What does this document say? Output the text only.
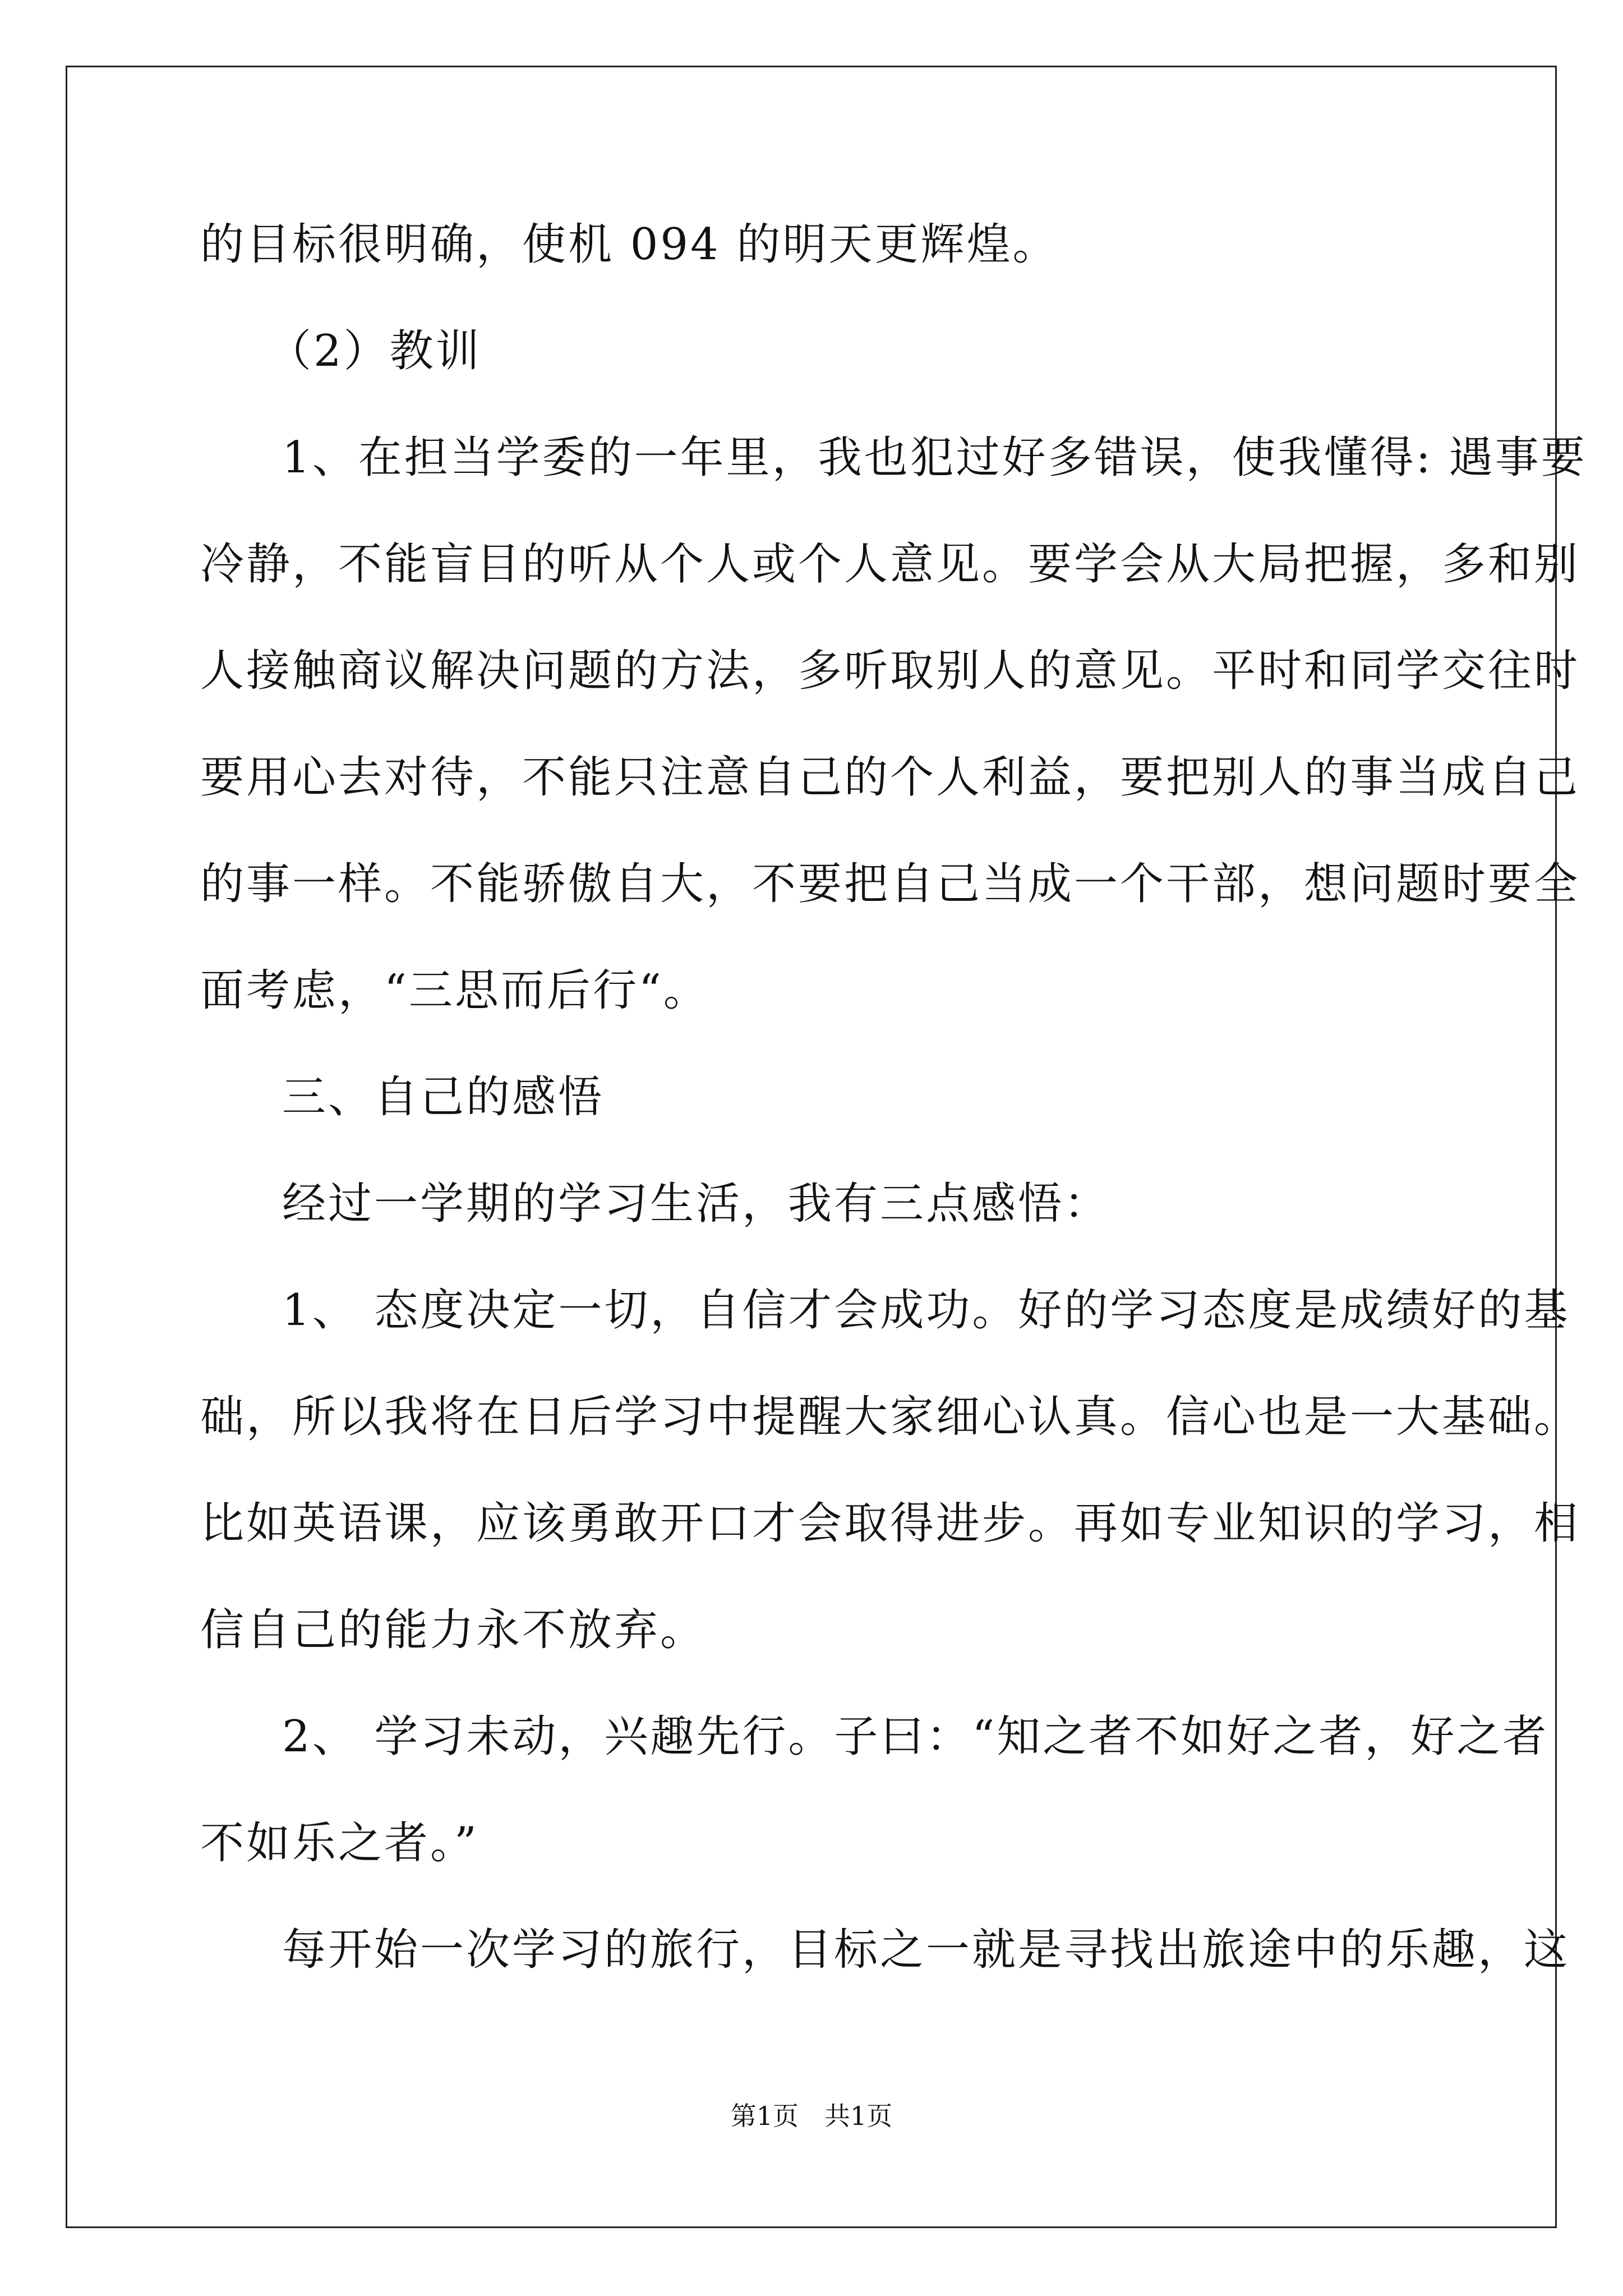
的目标很明确，使机 094 的明天更辉煌。
（2）教训
1、在担当学委的一年里，我也犯过好多错误，使我懂得: 遇事要
冷静，不能盲目的听从个人或个人意见。要学会从大局把握，多和别
人接触商议解决问题的方法，多听取别人的意见。平时和同学交往时
要用心去对待，不能只注意自己的个人利益，要把别人的事当成自己
的事一样。不能骄傲自大，不要把自己当成一个干部，想问题时要全
面考虑，“三思而后行“。
三、自己的感悟
经过一学期的学习生活，我有三点感悟：
1、 态度决定一切，自信才会成功。好的学习态度是成绩好的基
础，所以我将在日后学习中提醒大家细心认真。信心也是一大基础。
比如英语课，应该勇敢开口才会取得进步。再如专业知识的学习，相
信自己的能力永不放弃。
2、 学习未动，兴趣先行。子曰：“知之者不如好之者，好之者
不如乐之者。”
每开始一次学习的旅行，目标之一就是寻找出旅途中的乐趣，这
第1页　共1页
